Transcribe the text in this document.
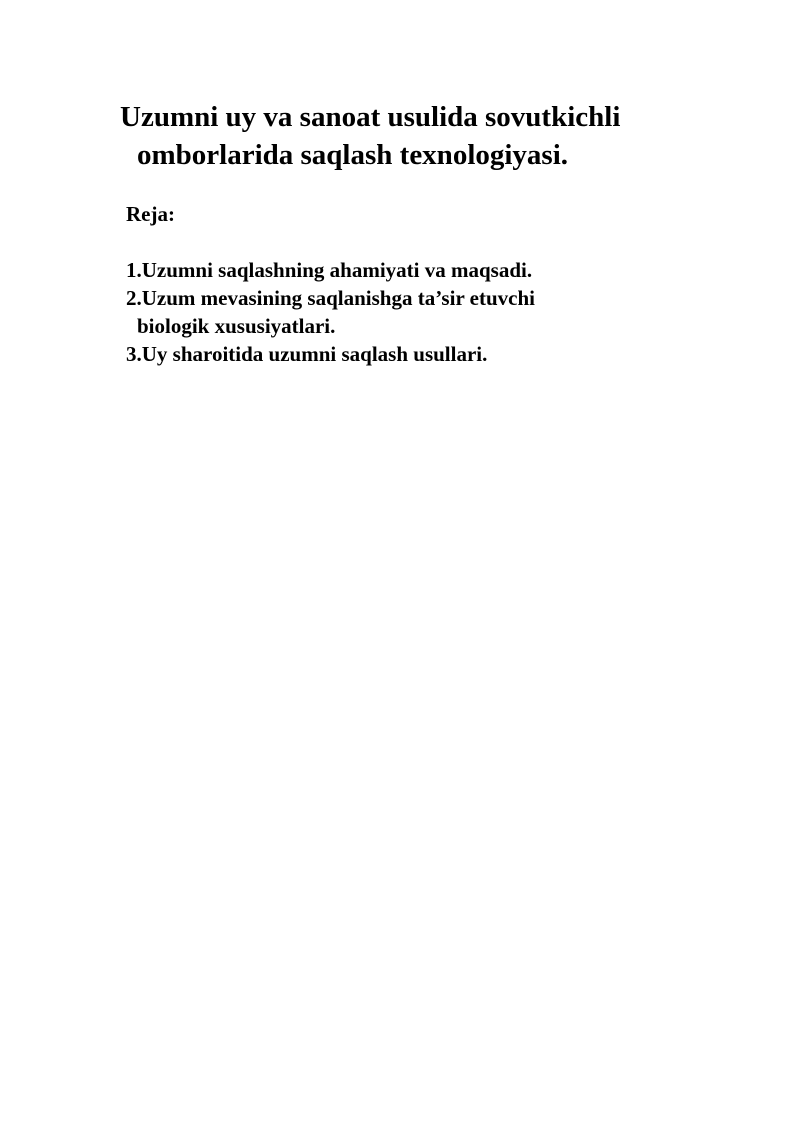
Uzumni uy va sanoat usulida sovutkichli
omborlarida saqlash texnologiyasi.
Reja:
1.Uzumni saqlashning ahamiyati va maqsadi.
2.Uzum mevasining saqlanishga ta’sir etuvchi
biologik xususiyatlari.
3.Uy sharoitida uzumni saqlash usullari.
